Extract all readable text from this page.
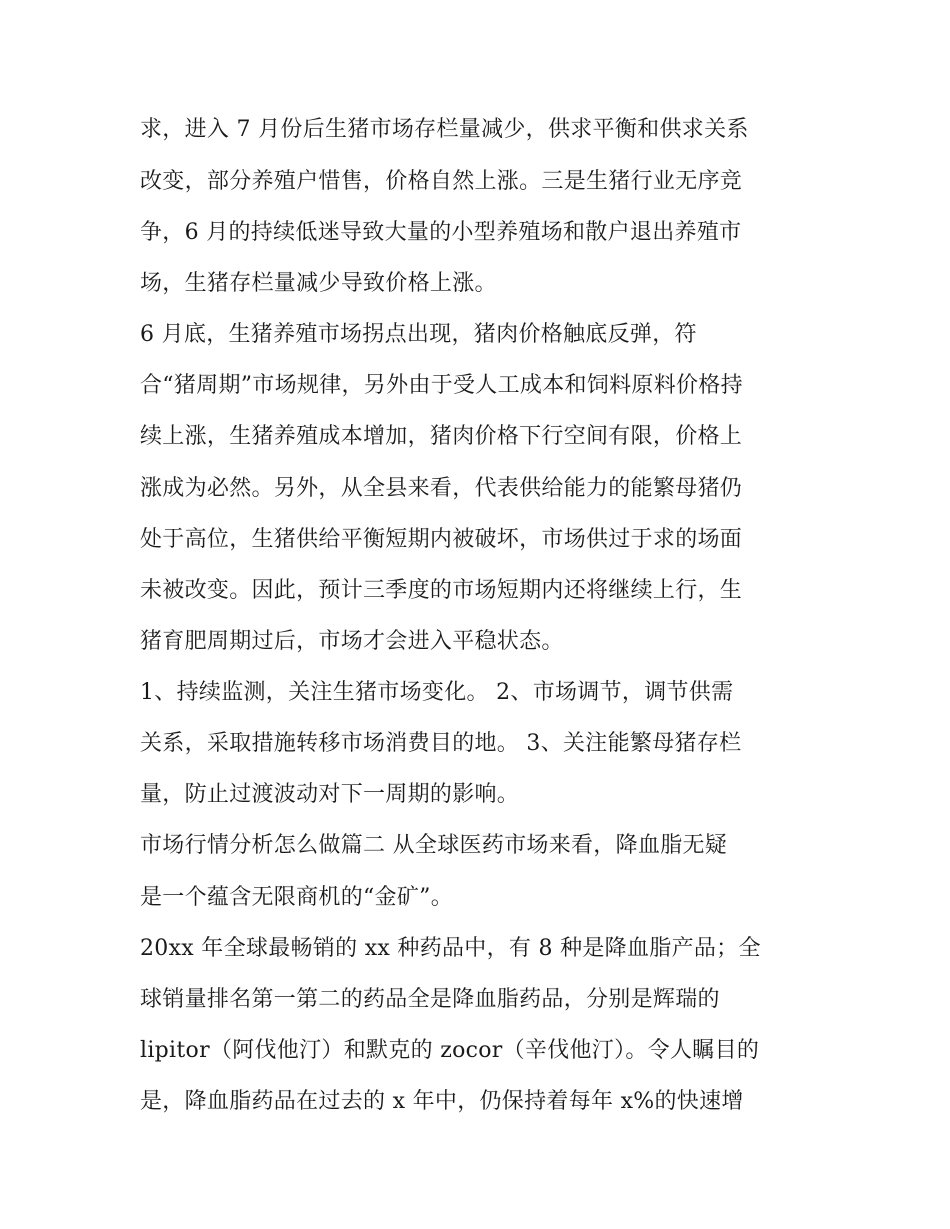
求，进入 7 月份后生猪市场存栏量减少，供求平衡和供求关系
改变，部分养殖户惜售，价格自然上涨。三是生猪行业无序竞
争，6 月的持续低迷导致大量的小型养殖场和散户退出养殖市
场，生猪存栏量减少导致价格上涨。
6 月底，生猪养殖市场拐点出现，猪肉价格触底反弹，符
合“猪周期”市场规律，另外由于受人工成本和饲料原料价格持
续上涨，生猪养殖成本增加，猪肉价格下行空间有限，价格上
涨成为必然。另外，从全县来看，代表供给能力的能繁母猪仍
处于高位，生猪供给平衡短期内被破坏，市场供过于求的场面
未被改变。因此，预计三季度的市场短期内还将继续上行，生
猪育肥周期过后，市场才会进入平稳状态。
1、持续监测，关注生猪市场变化。 2、市场调节，调节供需
关系，采取措施转移市场消费目的地。 3、关注能繁母猪存栏
量，防止过渡波动对下一周期的影响。
市场行情分析怎么做篇二 从全球医药市场来看，降血脂无疑
是一个蕴含无限商机的“金矿”。
20xx 年全球最畅销的 xx 种药品中，有 8 种是降血脂产品；全
球销量排名第一第二的药品全是降血脂药品，分别是辉瑞的
lipitor（阿伐他汀）和默克的 zocor（辛伐他汀）。令人瞩目的
是，降血脂药品在过去的 x 年中，仍保持着每年 x%的快速增
